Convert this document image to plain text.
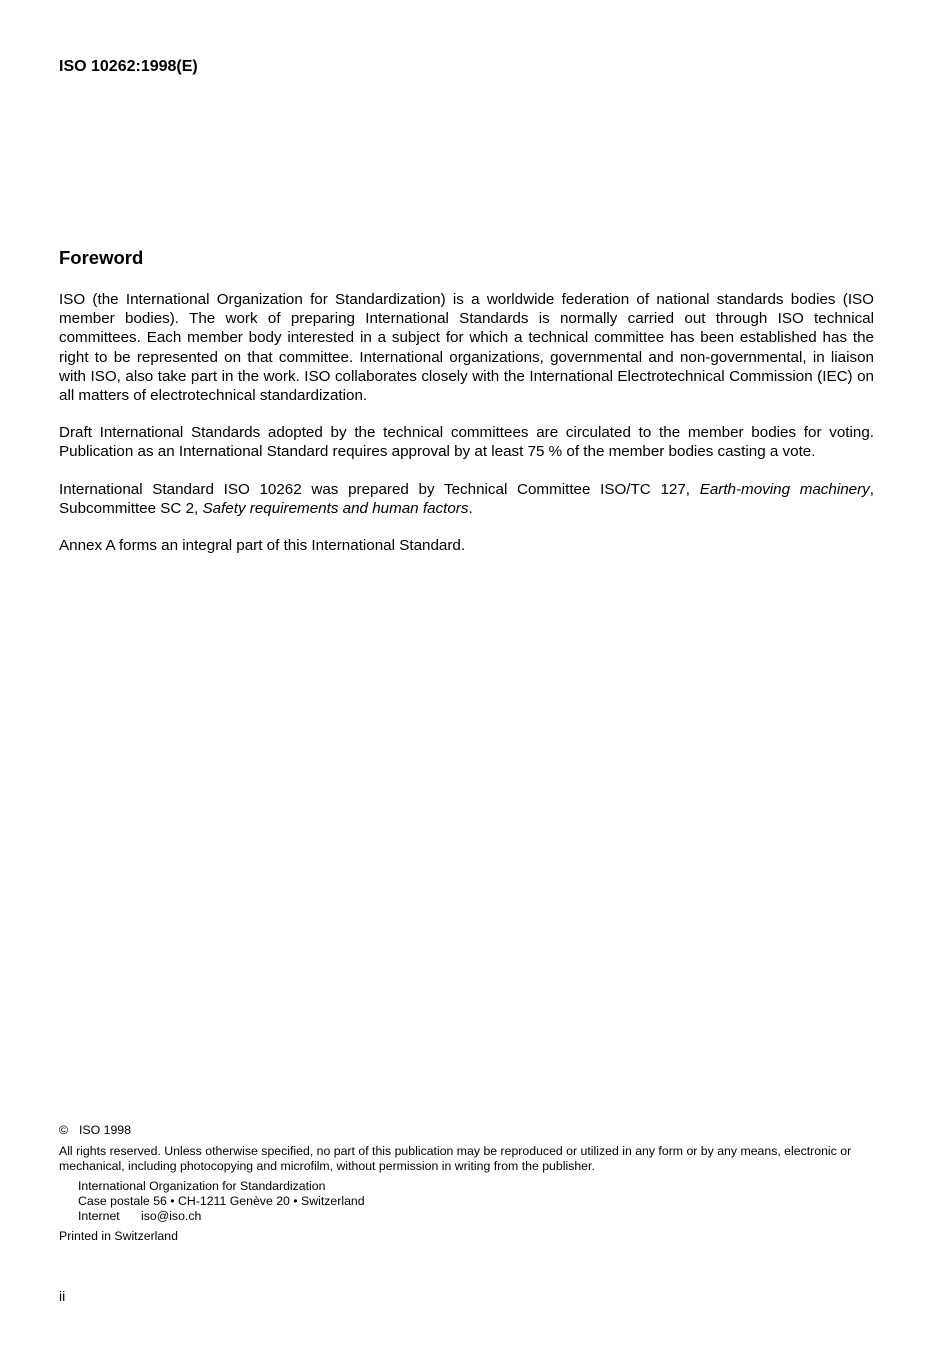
ISO 10262:1998(E)
Foreword

ISO (the International Organization for Standardization) is a worldwide federation of national standards bodies (ISO member bodies). The work of preparing International Standards is normally carried out through ISO technical committees. Each member body interested in a subject for which a technical committee has been established has the right to be represented on that committee. International organizations, governmental and non-governmental, in liaison with ISO, also take part in the work. ISO collaborates closely with the International Electrotechnical Commission (IEC) on all matters of electrotechnical standardization.

Draft International Standards adopted by the technical committees are circulated to the member bodies for voting. Publication as an International Standard requires approval by at least 75 % of the member bodies casting a vote.

International Standard ISO 10262 was prepared by Technical Committee ISO/TC 127, Earth-moving machinery, Subcommittee SC 2, Safety requirements and human factors.

Annex A forms an integral part of this International Standard.

© ISO 1998
All rights reserved. Unless otherwise specified, no part of this publication may be reproduced or utilized in any form or by any means, electronic or mechanical, including photocopying and microfilm, without permission in writing from the publisher.
International Organization for Standardization
Case postale 56 • CH-1211 Genève 20 • Switzerland
Internet iso@iso.ch
Printed in Switzerland
ii
